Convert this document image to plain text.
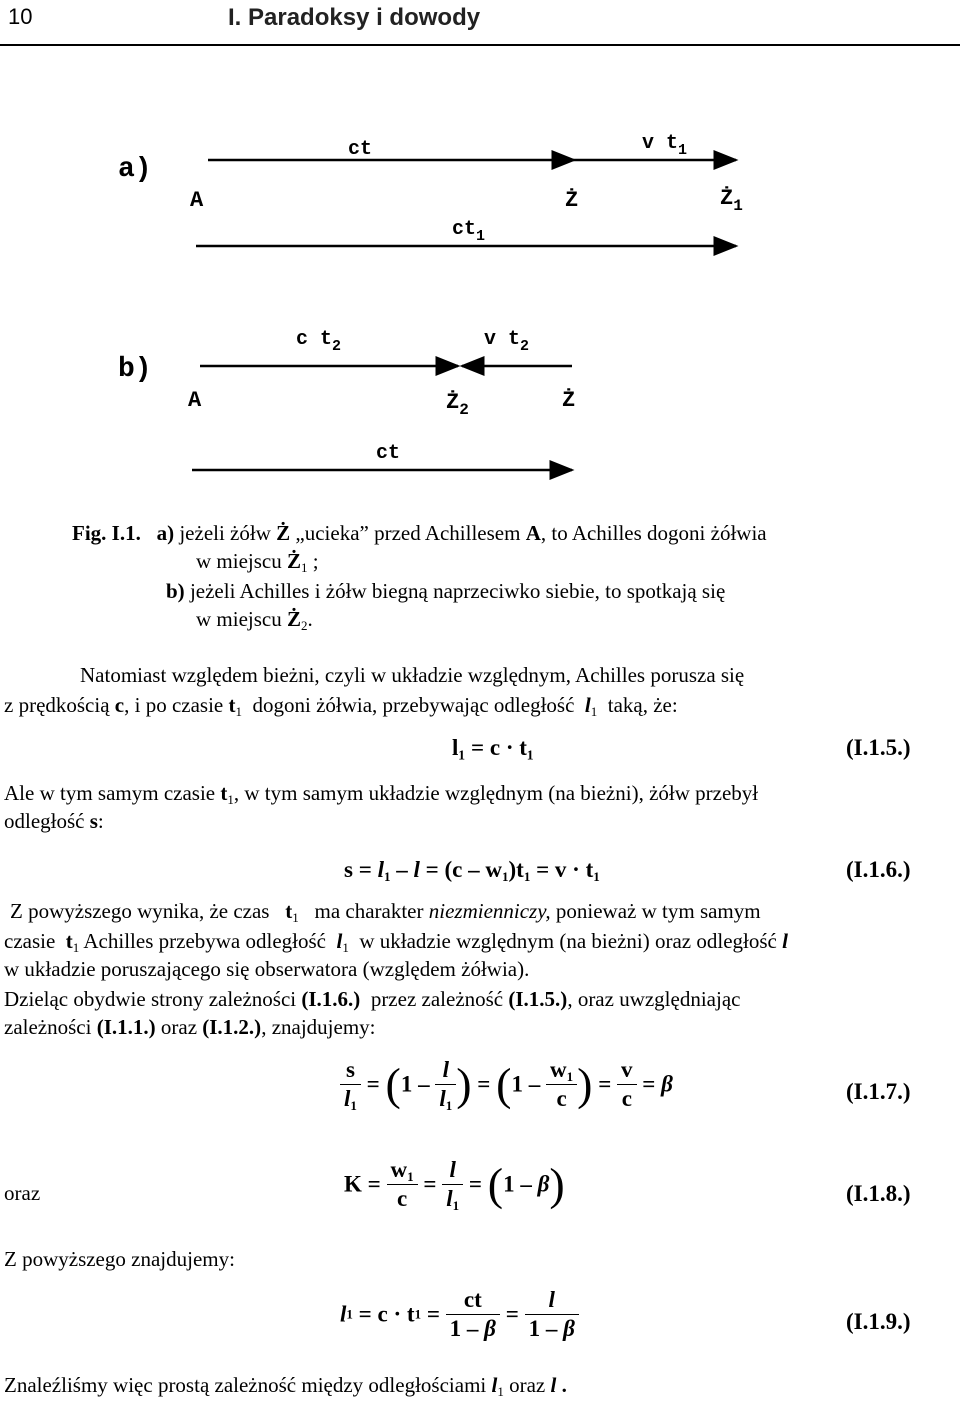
10	I. Paradoksy i dowody
a)
ct	v $t_1$
A	Ż	$Ż_1$
$ct_1$
b)
c $t_2$	v $t_2$
A	$Ż_2$	Ż
ct
Fig. I.1. a) jeżeli żółw Ż „ucieka” przed Achillesem A, to Achilles dogoni żółwia
w miejscu $Ż_1$ ;
b) jeżeli Achilles i żółw biegną naprzeciwko siebie, to spotkają się
w miejscu $Ż_2$.
Natomiast względem bieżni, czyli w układzie względnym, Achilles porusza się
z prędkością c, i po czasie $t_1$ dogoni żółwia, przebywając odległość $l_1$ taką, że:
l₁ = c · t₁	(I.1.5.)
Ale w tym samym czasie $t_1$, w tym samym układzie względnym (na bieżni), żółw przebył
odległość s:
$s = l_1 - l = (c - w_1)t_1 = v \cdot t_1$	(I.1.6.)
Z powyższego wynika, że czas $t_1$ ma charakter niezmienniczy, ponieważ w tym samym
czasie $t_1$ Achilles przebywa odległość $l_1$ w układzie względnym (na bieżni) oraz odległość l
w układzie poruszającego się obserwatora (względem żółwia).
Dzieląc obydwie strony zależności (I.1.6.) przez zależność (I.1.5.), oraz uwzględniając
zależności (I.1.1.) oraz (I.1.2.), znajdujemy:
$\frac{s}{l_1} = (1 - \frac{l}{l_1}$ ) = ($1 - \frac{w_1}{c}$ ) = $\frac{v}{c} = \beta$	(I.1.7.)
oraz	$K = \frac{w_1}{c} = \frac{l}{l_1} = (1 - \beta)$	(I.1.8.)
Z powyższego znajdujemy:
$l1 = c \cdot t1 = \frac{ct}{1 - \beta} = \frac{l}{1 - \beta}$	(I.1.9.)
Znaleźliśmy więc prostą zależność między odległościami $l_1$ oraz l .
